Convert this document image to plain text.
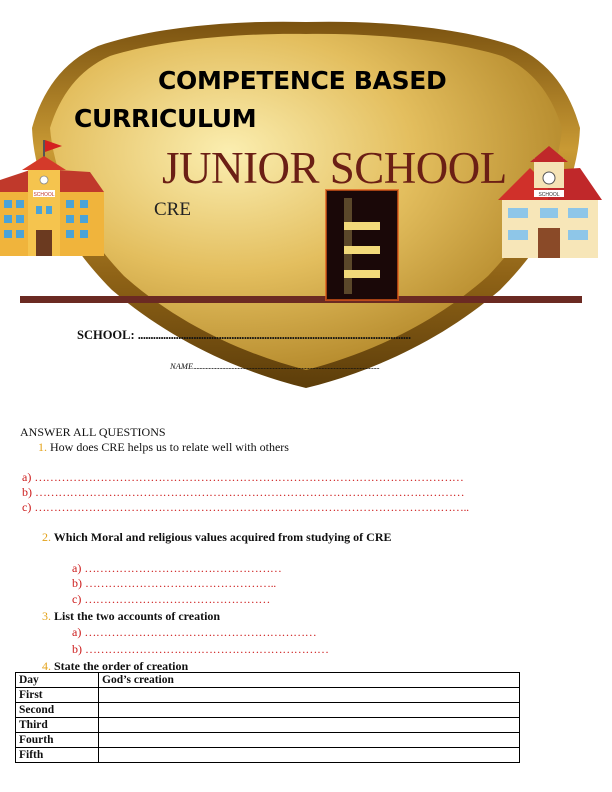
SCHOOL	SCHOOL
COMPETENCE BASED
CURRICULUM
JUNIOR SCHOOL
CRE
SCHOOL: ............................................................................................................
NAME..........................................................................................................................
ANSWER ALL QUESTIONS
1. How does CRE helps us to relate well with others
a) …………………………………………………………………………………………………
b) …………………………………………………………………………………………………
c) …………………………………………………………………………………………………..
2. Which Moral and religious values acquired from studying of CRE
a) ……………………………………………
b) …………………………………………..
c) …………………………………………
3. List the two accounts of creation
a) ……………………………………………………
b) ………………………………………………………
4. State the order of creation
Day	God’s creation
First	
Second	
Third	
Fourth	
Fifth	
